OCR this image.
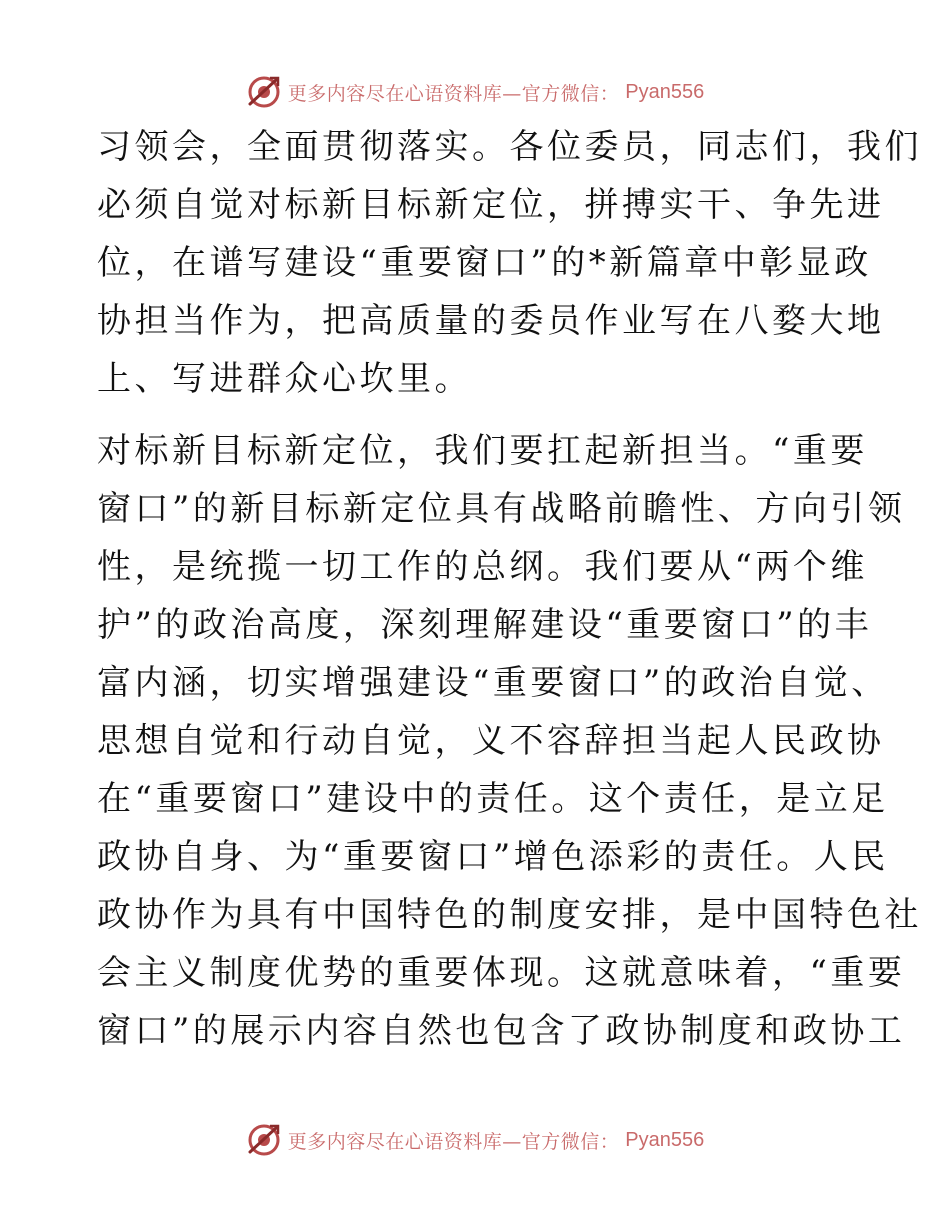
更多内容尽在心语资料库—官方微信： Pyan556
习领会，全面贯彻落实。各位委员，同志们，我们
必须自觉对标新目标新定位，拼搏实干、争先进
位，在谱写建设“重要窗口”的*新篇章中彰显政
协担当作为，把高质量的委员作业写在八婺大地
上、写进群众心坎里。
对标新目标新定位，我们要扛起新担当。“重要
窗口”的新目标新定位具有战略前瞻性、方向引领
性，是统揽一切工作的总纲。我们要从“两个维
护”的政治高度，深刻理解建设“重要窗口”的丰
富内涵，切实增强建设“重要窗口”的政治自觉、
思想自觉和行动自觉，义不容辞担当起人民政协
在“重要窗口”建设中的责任。这个责任，是立足
政协自身、为“重要窗口”增色添彩的责任。人民
政协作为具有中国特色的制度安排，是中国特色社
会主义制度优势的重要体现。这就意味着，“重要
窗口”的展示内容自然也包含了政协制度和政协工
更多内容尽在心语资料库—官方微信： Pyan556
